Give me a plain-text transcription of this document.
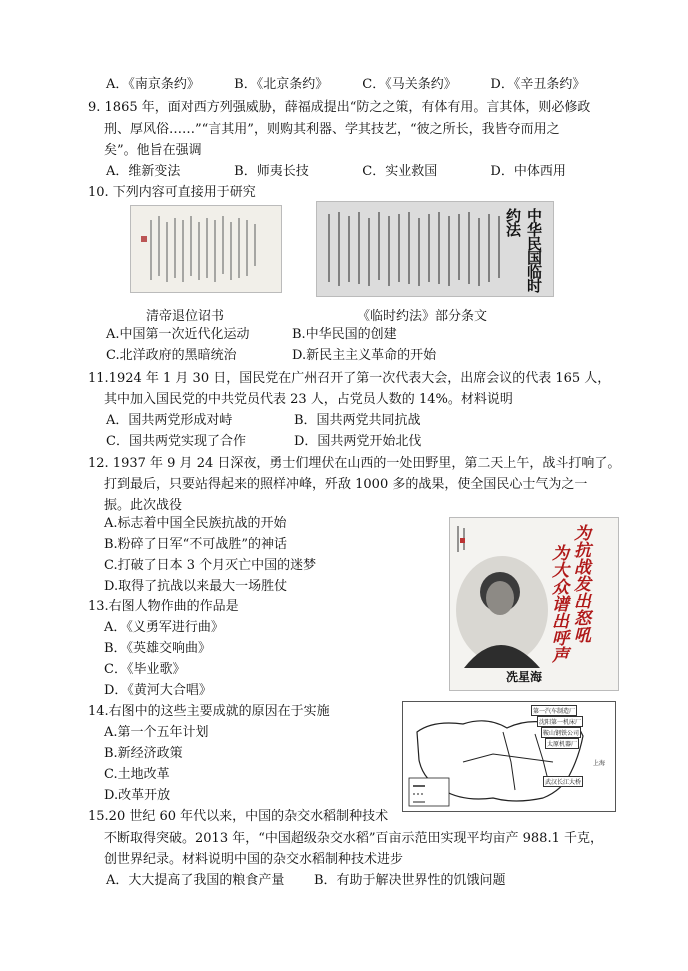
A．《南京条约》	B．《北京条约》	C．《马关条约》	D．《辛丑条约》
9. 1865 年，面对西方列强威胁，薛福成提出“防之之策，有体有用。言其体，则必修政
刑、厚风俗……”“言其用”，则购其利器、学其技艺，“彼之所长，我皆夺而用之
矣”。他旨在强调
A．维新变法	B．师夷长技	C．实业救国	D．中体西用
10. 下列内容可直接用于研究
中华民国临时约法
清帝退位诏书	《临时约法》部分条文
A.中国第一次近代化运动	B.中华民国的创建
C.北洋政府的黑暗统治	D.新民主主义革命的开始
11.1924 年 1 月 30 日，国民党在广州召开了第一次代表大会，出席会议的代表 165 人，
其中加入国民党的中共党员代表 23 人，占党员人数的 14%。材料说明
A．国共两党形成对峙	B．国共两党共同抗战
C．国共两党实现了合作	D．国共两党开始北伐
12. 1937 年 9 月 24 日深夜，勇士们埋伏在山西的一处田野里，第二天上午，战斗打响了。
打到最后，只要站得起来的照样冲峰，歼敌 1000 多的战果，使全国民心士气为之一
振。此次战役
A.标志着中国全民族抗战的开始
B.粉碎了日军“不可战胜”的神话
C.打破了日本 3 个月灭亡中国的迷梦
D.取得了抗战以来最大一场胜仗	为抗战发出怒吼
为大众谱出呼声
冼星海
13.右图人物作曲的作品是
A．《义勇军进行曲》
B．《英雄交响曲》
C．《毕业歌》
D．《黄河大合唱》
14.右图中的这些主要成就的原因在于实施
A.第一个五年计划
B.新经济政策
C.土地改革
D.改革开放
第一汽车制造厂
沈阳第一机床厂
鞍山钢铁公司
太原机器厂
武汉长江大桥
上海
15.20 世纪 60 年代以来，中国的杂交水稻制种技术
不断取得突破。2013 年，“中国超级杂交水稻”百亩示范田实现平均亩产 988.1 千克，
创世界纪录。材料说明中国的杂交水稻制种技术进步
A．大大提高了我国的粮食产量 B．有助于解决世界性的饥饿问题
